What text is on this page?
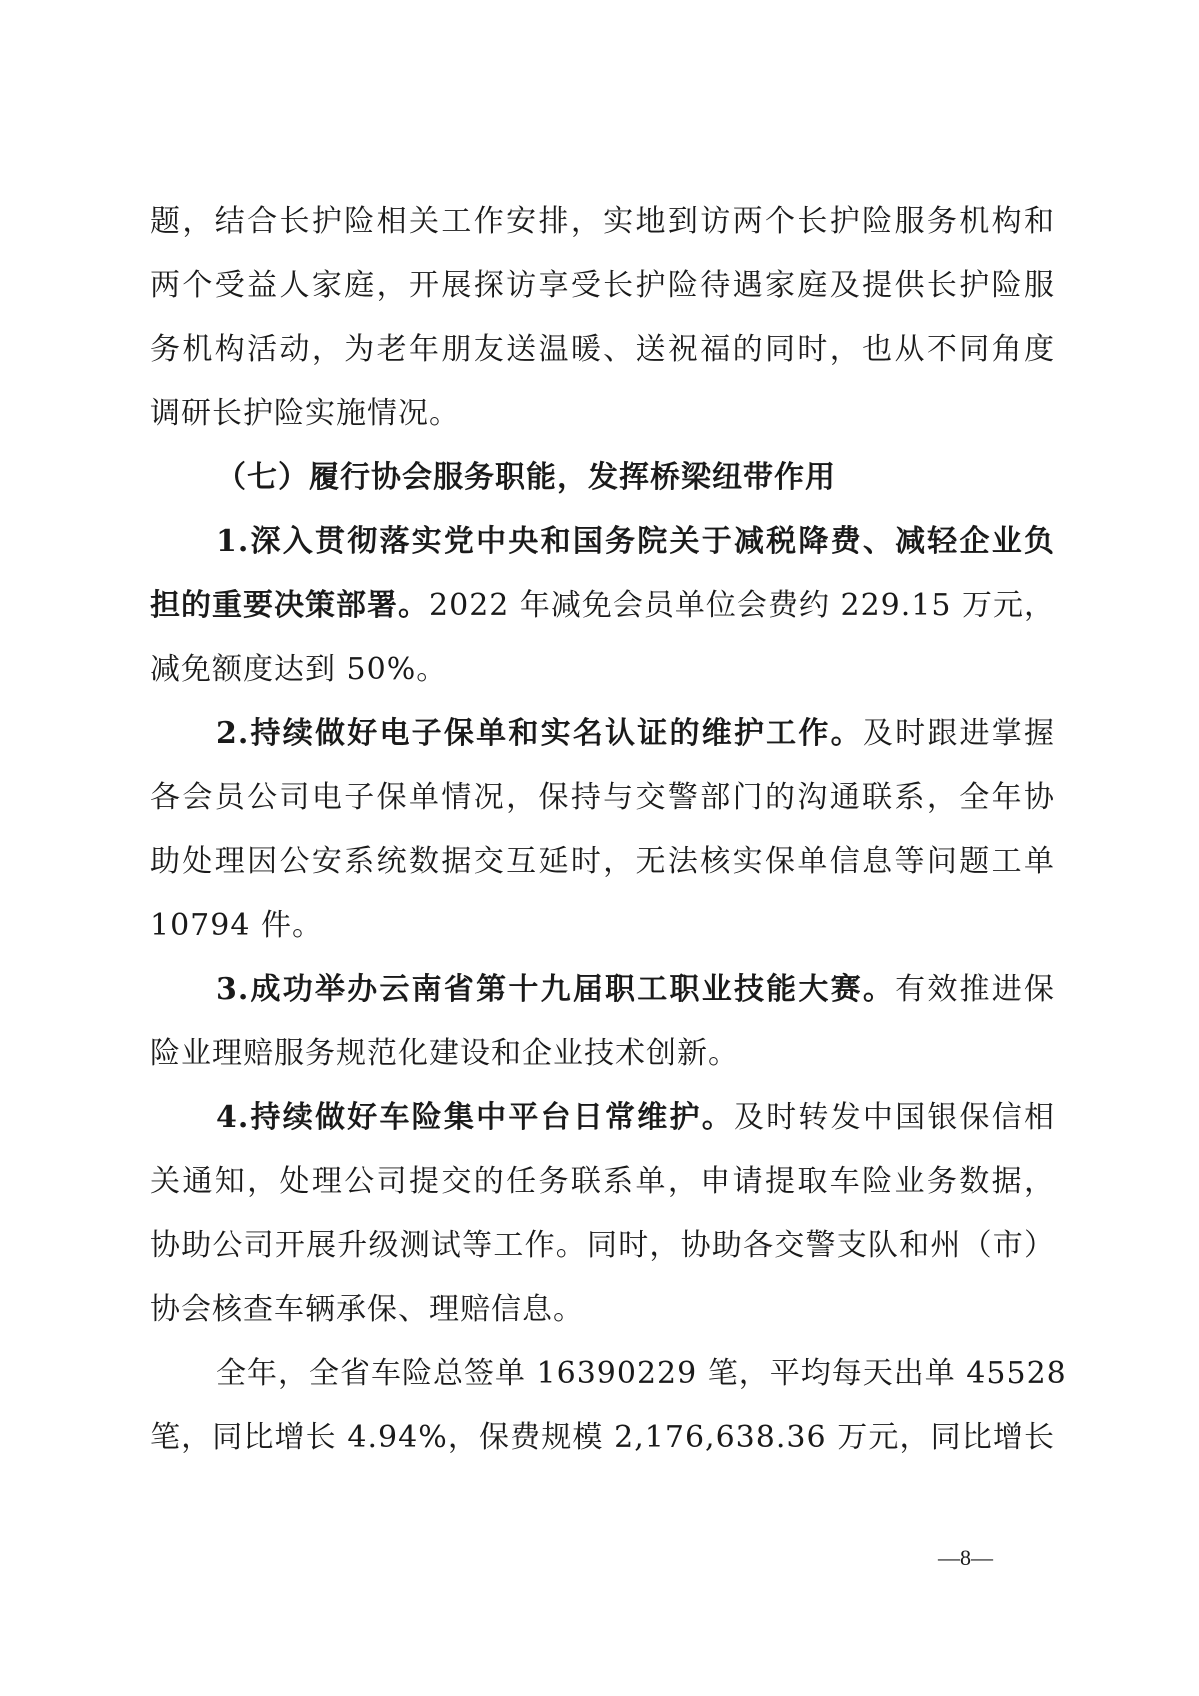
题，结合长护险相关工作安排，实地到访两个长护险服务机构和
两个受益人家庭，开展探访享受长护险待遇家庭及提供长护险服
务机构活动，为老年朋友送温暖、送祝福的同时，也从不同角度
调研长护险实施情况。
（七）履行协会服务职能，发挥桥梁纽带作用
1.深入贯彻落实党中央和国务院关于减税降费、减轻企业负
担的重要决策部署。2022 年减免会员单位会费约 229.15 万元，
减免额度达到 50%。
2.持续做好电子保单和实名认证的维护工作。及时跟进掌握
各会员公司电子保单情况，保持与交警部门的沟通联系，全年协
助处理因公安系统数据交互延时，无法核实保单信息等问题工单
10794 件。
3.成功举办云南省第十九届职工职业技能大赛。有效推进保
险业理赔服务规范化建设和企业技术创新。
4.持续做好车险集中平台日常维护。及时转发中国银保信相
关通知，处理公司提交的任务联系单，申请提取车险业务数据，
协助公司开展升级测试等工作。同时，协助各交警支队和州（市）
协会核查车辆承保、理赔信息。
全年，全省车险总签单 16390229 笔，平均每天出单 45528
笔，同比增长 4.94%，保费规模 2,176,638.36 万元，同比增长
—8—
